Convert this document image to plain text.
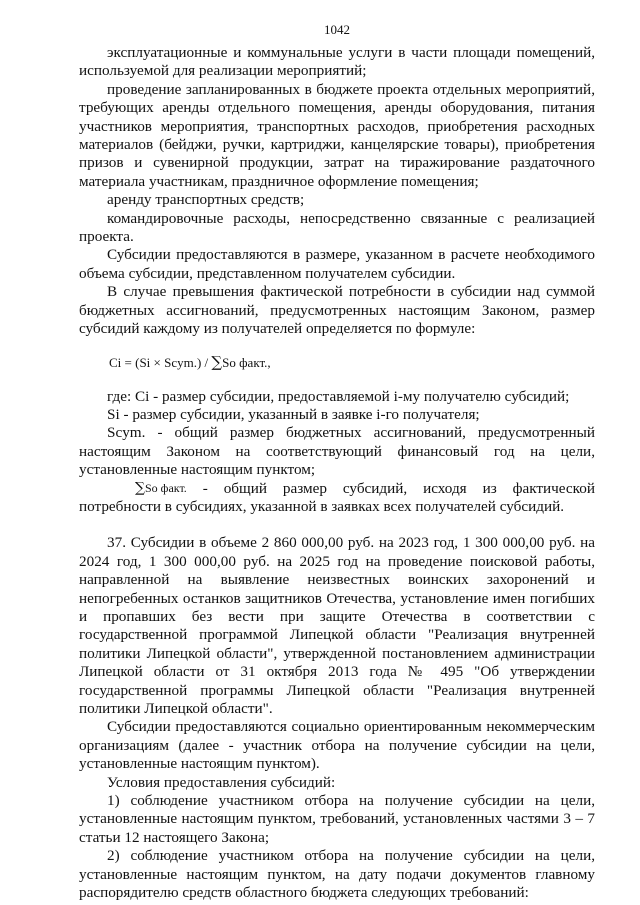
1042

эксплуатационные и коммунальные услуги в части площади помещений, используемой для реализации мероприятий;

проведение запланированных в бюджете проекта отдельных мероприятий, требующих аренды отдельного помещения, аренды оборудования, питания участников мероприятия, транспортных расходов, приобретения расходных материалов (бейджи, ручки, картриджи, канцелярские товары), приобретения призов и сувенирной продукции, затрат на тиражирование раздаточного материала участникам, праздничное оформление помещения;

аренду транспортных средств;

командировочные расходы, непосредственно связанные с реализацией проекта.

Субсидии предоставляются в размере, указанном в расчете необходимого объема субсидии, представленном получателем субсидии.

В случае превышения фактической потребности в субсидии над суммой бюджетных ассигнований, предусмотренных настоящим Законом, размер субсидий каждому из получателей определяется по формуле:

Ci = (Si × Scym.) / ∑So факт.,

где: Ci - размер субсидии, предоставляемой i-му получателю субсидий;

Si - размер субсидии, указанный в заявке i-го получателя;

Scym. - общий размер бюджетных ассигнований, предусмотренный настоящим Законом на соответствующий финансовый год на цели, установленные настоящим пунктом;

∑So факт. - общий размер субсидий, исходя из фактической потребности в субсидиях, указанной в заявках всех получателей субсидий.

37. Субсидии в объеме 2 860 000,00 руб. на 2023 год, 1 300 000,00 руб. на 2024 год, 1 300 000,00 руб. на 2025 год на проведение поисковой работы, направленной на выявление неизвестных воинских захоронений и непогребенных останков защитников Отечества, установление имен погибших и пропавших без вести при защите Отечества в соответствии с государственной программой Липецкой области "Реализация внутренней политики Липецкой области", утвержденной постановлением администрации Липецкой области от 31 октября 2013 года № 495 "Об утверждении государственной программы Липецкой области "Реализация внутренней политики Липецкой области".

Субсидии предоставляются социально ориентированным некоммерческим организациям (далее - участник отбора на получение субсидии на цели, установленные настоящим пунктом).

Условия предоставления субсидий:

1) соблюдение участником отбора на получение субсидии на цели, установленные настоящим пунктом, требований, установленных частями 3 – 7 статьи 12 настоящего Закона;

2) соблюдение участником отбора на получение субсидии на цели, установленные настоящим пунктом, на дату подачи документов главному распорядителю средств областного бюджета следующих требований:
